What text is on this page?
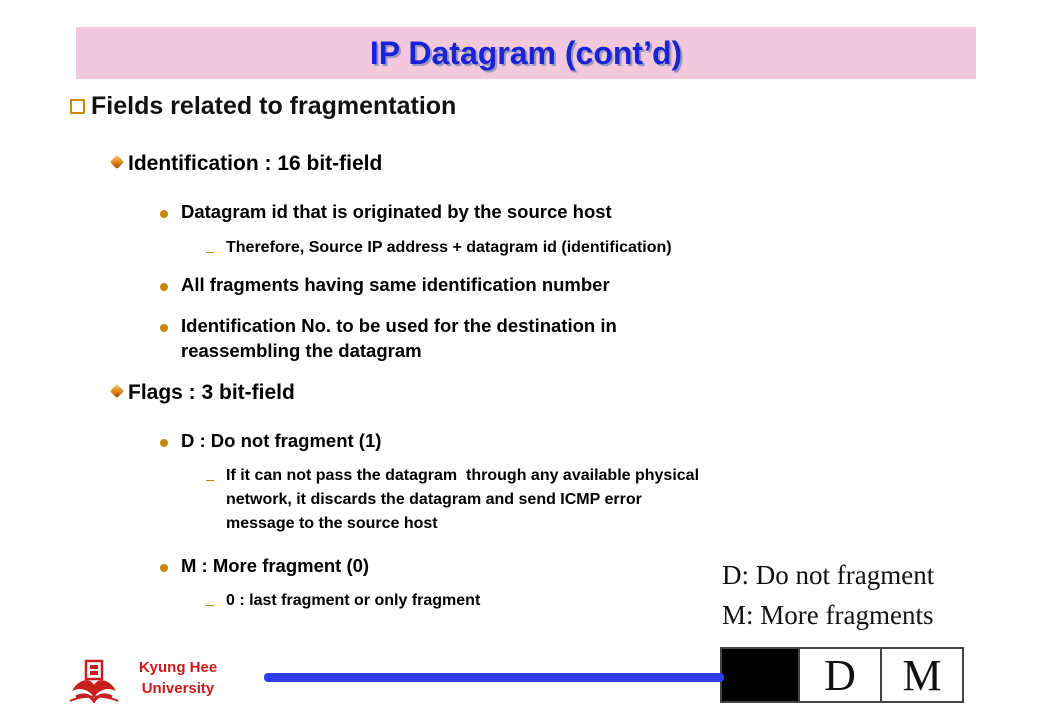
IP Datagram (cont’d)
Fields related to fragmentation
Identification : 16 bit-field
Datagram id that is originated by the source host
Therefore, Source IP address + datagram id (identification)
All fragments having same identification number
Identification No. to be used for the destination in
reassembling the datagram
Flags : 3 bit-field
D : Do not fragment (1)
If it can not pass the datagram  through any available physical
network, it discards the datagram and send ICMP error
message to the source host
M : More fragment (0)
0 : last fragment or only fragment
D: Do not fragment
M: More fragments
D	M
Kyung Hee
University
